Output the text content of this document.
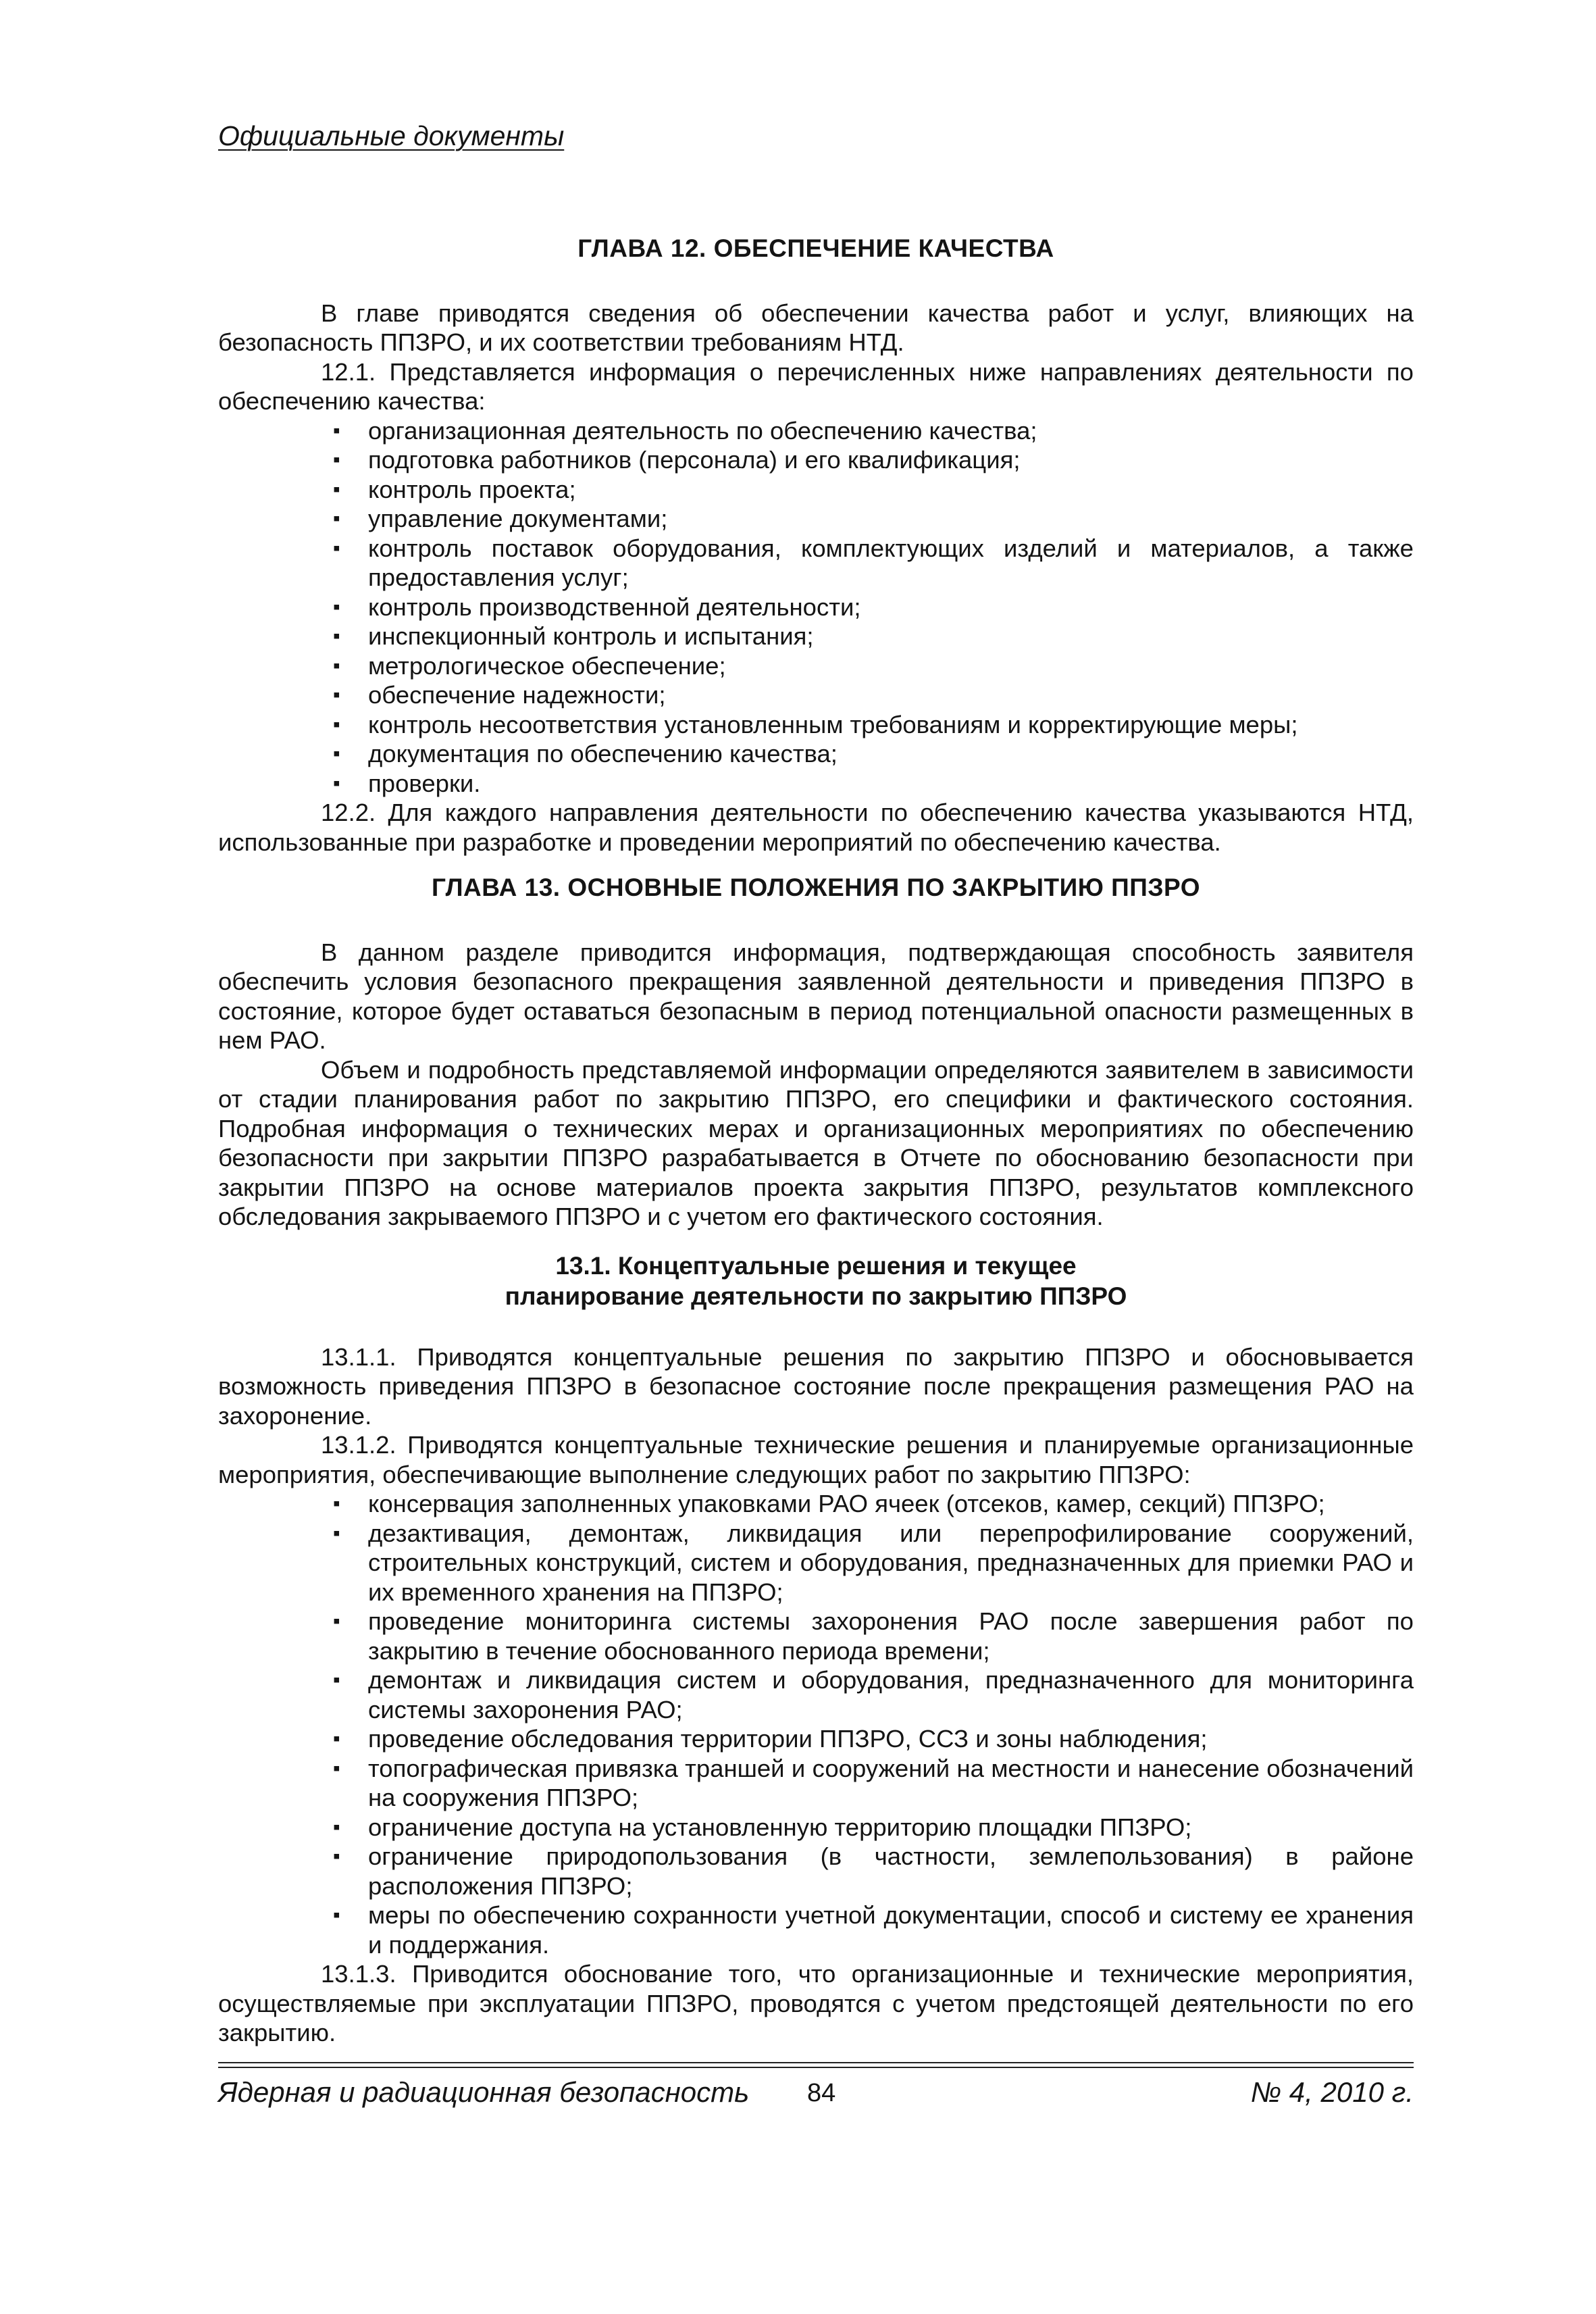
Официальные документы
ГЛАВА 12. ОБЕСПЕЧЕНИЕ КАЧЕСТВА

В главе приводятся сведения об обеспечении качества работ и услуг, влияющих на безопасность ППЗРО, и их соответствии требованиям НТД.

12.1. Представляется информация о перечисленных ниже направлениях деятельности по обеспечению качества:

▪ организационная деятельность по обеспечению качества;
▪ подготовка работников (персонала) и его квалификация;
▪ контроль проекта;
▪ управление документами;
▪ контроль поставок оборудования, комплектующих изделий и материалов, а также предоставления услуг;
▪ контроль производственной деятельности;
▪ инспекционный контроль и испытания;
▪ метрологическое обеспечение;
▪ обеспечение надежности;
▪ контроль несоответствия установленным требованиям и корректирующие меры;
▪ документация по обеспечению качества;
▪ проверки.

12.2. Для каждого направления деятельности по обеспечению качества указываются НТД, использованные при разработке и проведении мероприятий по обеспечению качества.

ГЛАВА 13. ОСНОВНЫЕ ПОЛОЖЕНИЯ ПО ЗАКРЫТИЮ ППЗРО

В данном разделе приводится информация, подтверждающая способность заявителя обеспечить условия безопасного прекращения заявленной деятельности и приведения ППЗРО в состояние, которое будет оставаться безопасным в период потенциальной опасности размещенных в нем РАО.

Объем и подробность представляемой информации определяются заявителем в зависимости от стадии планирования работ по закрытию ППЗРО, его специфики и фактического состояния. Подробная информация о технических мерах и организационных мероприятиях по обеспечению безопасности при закрытии ППЗРО разрабатывается в Отчете по обоснованию безопасности при закрытии ППЗРО на основе материалов проекта закрытия ППЗРО, результатов комплексного обследования закрываемого ППЗРО и с учетом его фактического состояния.

13.1. Концептуальные решения и текущее
планирование деятельности по закрытию ППЗРО

13.1.1. Приводятся концептуальные решения по закрытию ППЗРО и обосновывается возможность приведения ППЗРО в безопасное состояние после прекращения размещения РАО на захоронение.

13.1.2. Приводятся концептуальные технические решения и планируемые организационные мероприятия, обеспечивающие выполнение следующих работ по закрытию ППЗРО:

▪ консервация заполненных упаковками РАО ячеек (отсеков, камер, секций) ППЗРО;
▪ дезактивация, демонтаж, ликвидация или перепрофилирование сооружений, строительных конструкций, систем и оборудования, предназначенных для приемки РАО и их временного хранения на ППЗРО;
▪ проведение мониторинга системы захоронения РАО после завершения работ по закрытию в течение обоснованного периода времени;
▪ демонтаж и ликвидация систем и оборудования, предназначенного для мониторинга системы захоронения РАО;
▪ проведение обследования территории ППЗРО, ССЗ и зоны наблюдения;
▪ топографическая привязка траншей и сооружений на местности и нанесение обозначений на сооружения ППЗРО;
▪ ограничение доступа на установленную территорию площадки ППЗРО;
▪ ограничение природопользования (в частности, землепользования) в районе расположения ППЗРО;
▪ меры по обеспечению сохранности учетной документации, способ и систему ее хранения и поддержания.

13.1.3. Приводится обоснование того, что организационные и технические мероприятия, осуществляемые при эксплуатации ППЗРО, проводятся с учетом предстоящей деятельности по его закрытию.

Ядерная и радиационная безопасность 84	№ 4, 2010 г.
